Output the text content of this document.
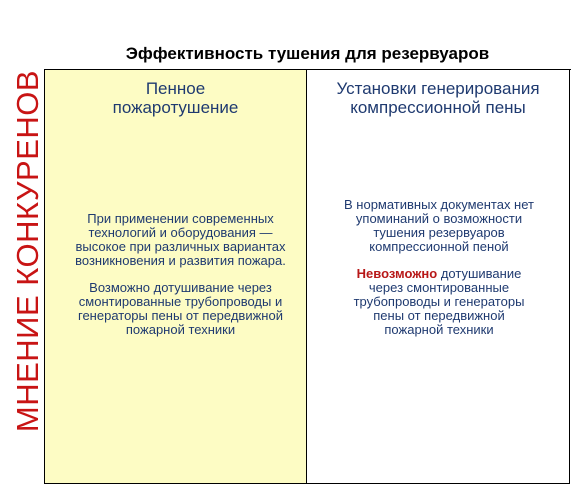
МНЕНИЕ КОНКУРЕНОВ
Эффективность тушения для резервуаров
Пенное
пожаротушение

При применении современных
технологий и оборудования —
высокое при различных вариантах
возникновения и развития пожара.

Возможно дотушивание через
смонтированные трубопроводы и
генераторы пены от передвижной
пожарной техники

Установки генерирования
компрессионной пены

В нормативных документах нет
упоминаний о возможности
тушения резервуаров
компрессионной пеной

Невозможно дотушивание
через смонтированные
трубопроводы и генераторы
пены от передвижной
пожарной техники
